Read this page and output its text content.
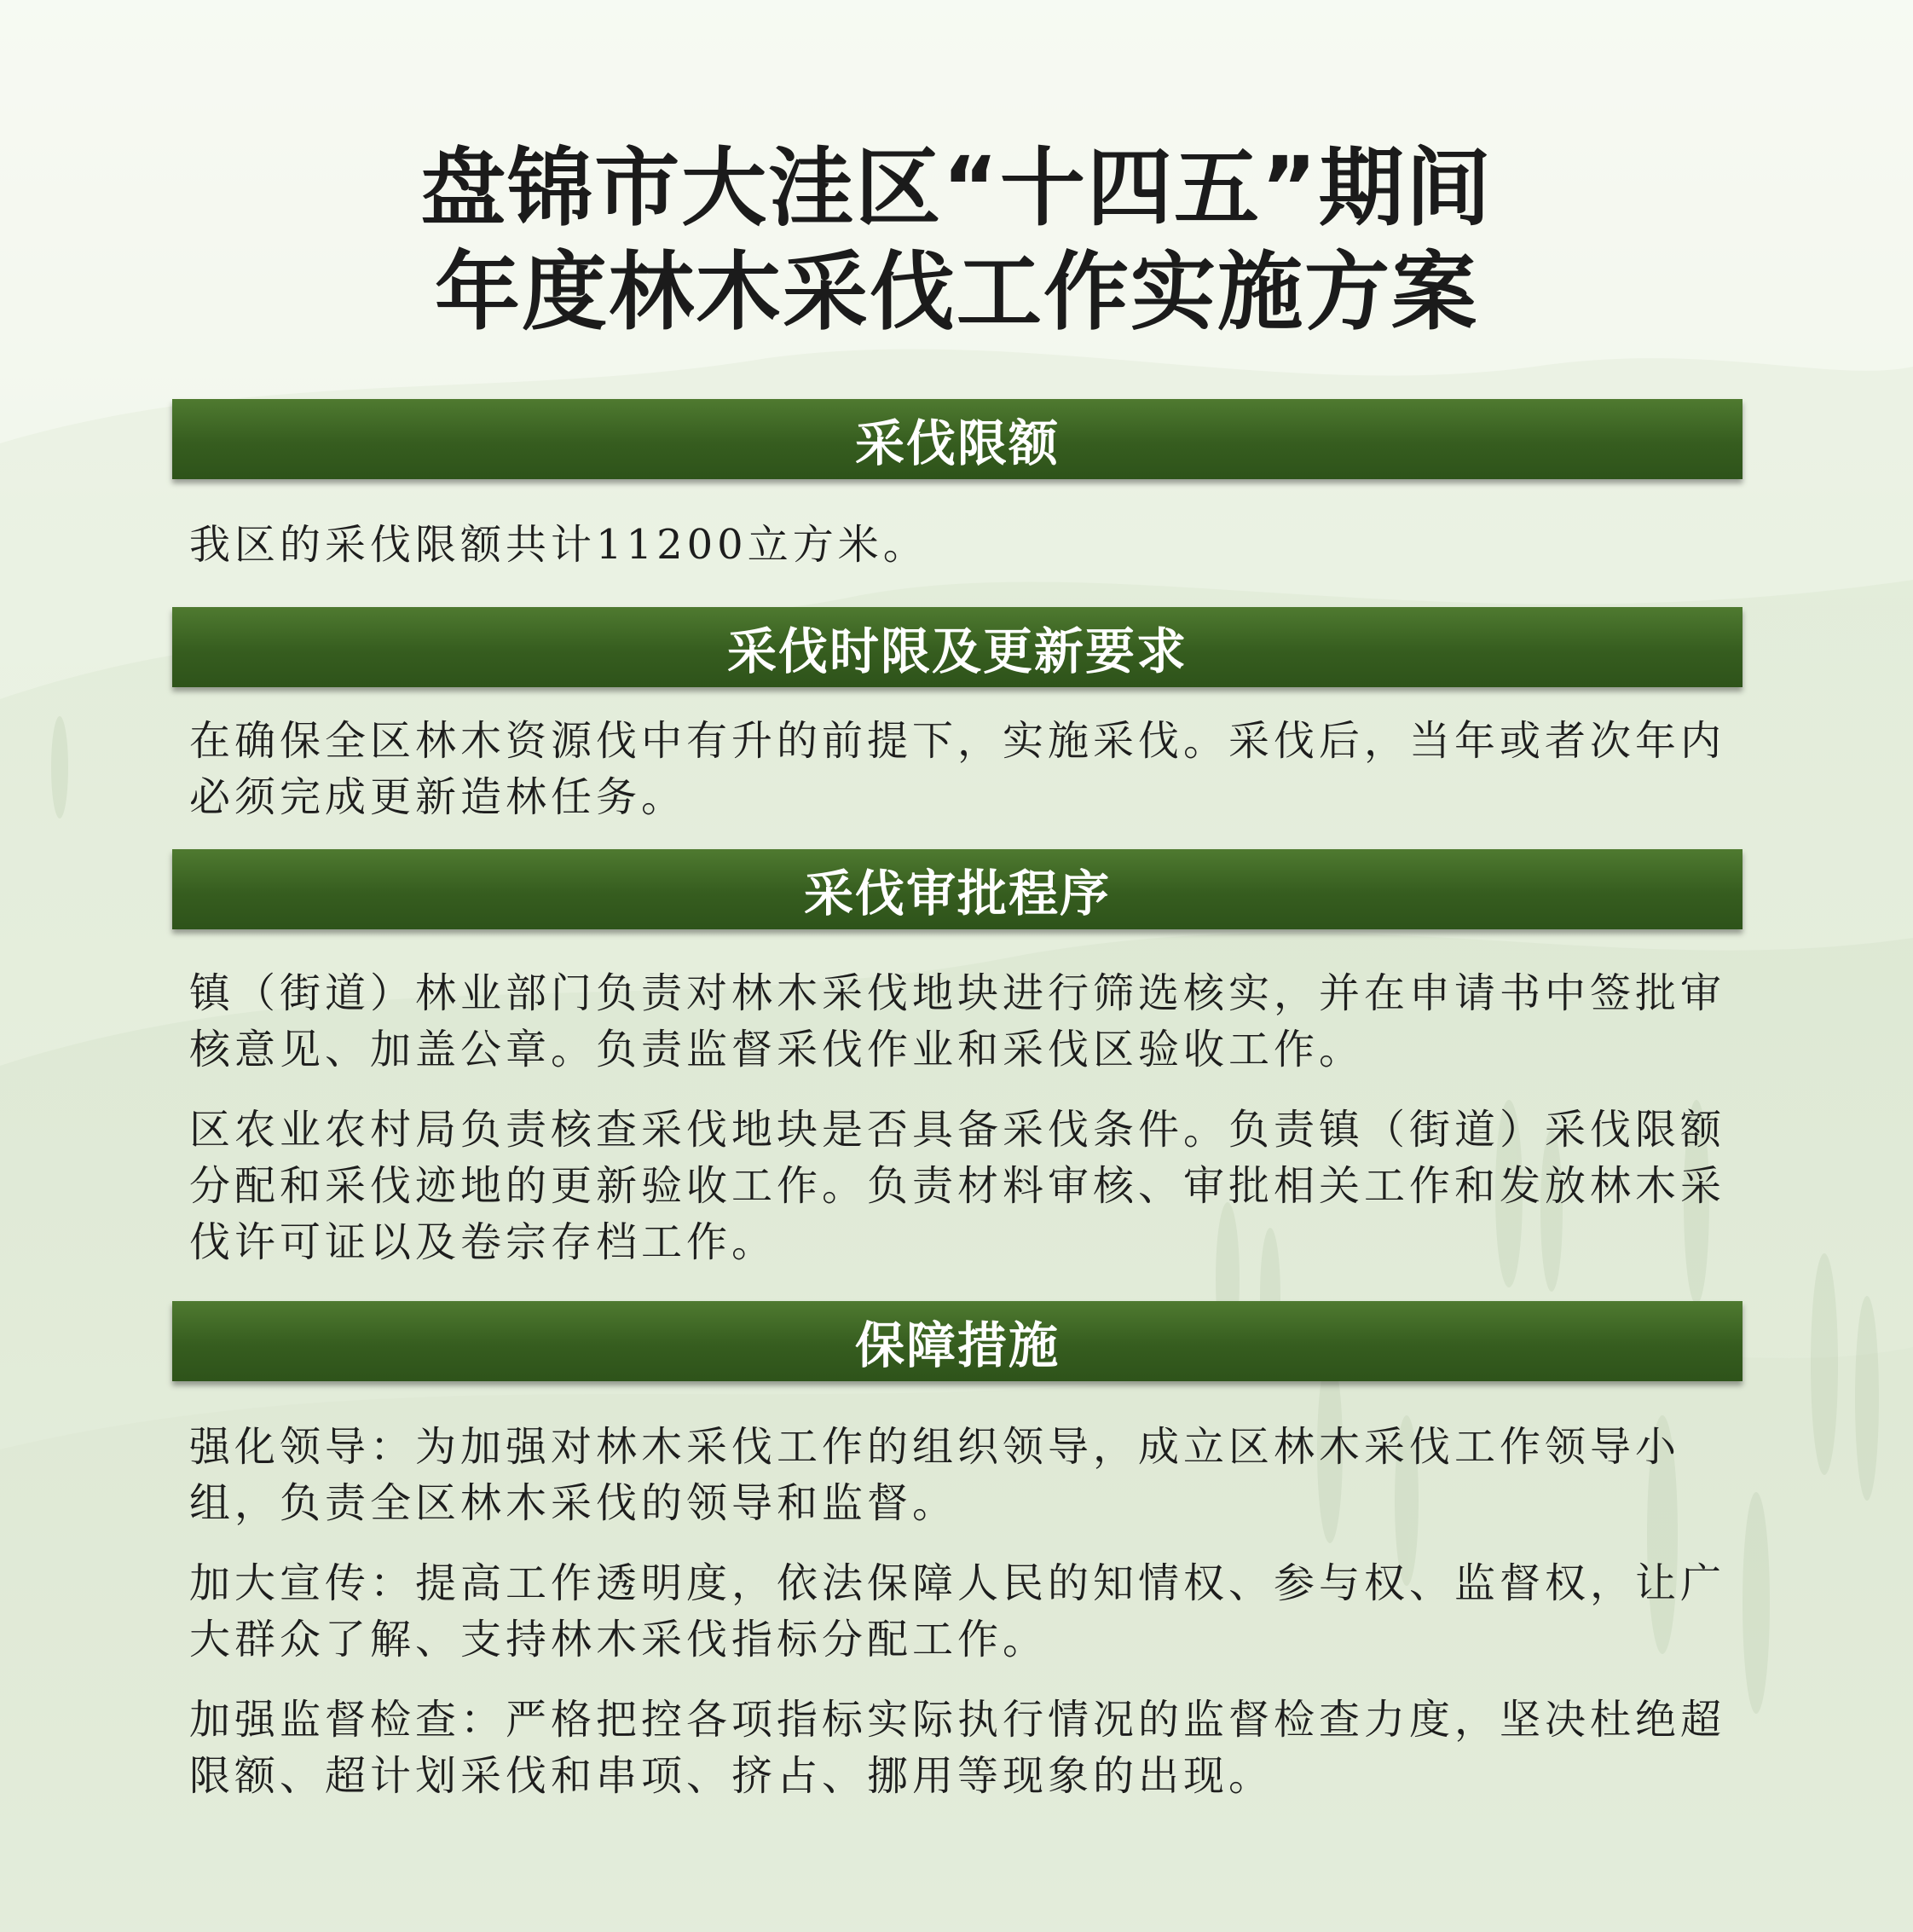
盘锦市大洼区“十四五”期间
年度林木采伐工作实施方案
采伐限额
我区的采伐限额共计11200立方米。
采伐时限及更新要求
在确保全区林木资源伐中有升的前提下，实施采伐。采伐后，当年或者次年内必须完成更新造林任务。
采伐审批程序
镇（街道）林业部门负责对林木采伐地块进行筛选核实，并在申请书中签批审核意见、加盖公章。负责监督采伐作业和采伐区验收工作。
区农业农村局负责核查采伐地块是否具备采伐条件。负责镇（街道）采伐限额分配和采伐迹地的更新验收工作。负责材料审核、审批相关工作和发放林木采伐许可证以及卷宗存档工作。
保障措施
强化领导：为加强对林木采伐工作的组织领导，成立区林木采伐工作领导小组，负责全区林木采伐的领导和监督。
加大宣传：提高工作透明度，依法保障人民的知情权、参与权、监督权，让广大群众了解、支持林木采伐指标分配工作。
加强监督检查：严格把控各项指标实际执行情况的监督检查力度，坚决杜绝超限额、超计划采伐和串项、挤占、挪用等现象的出现。
